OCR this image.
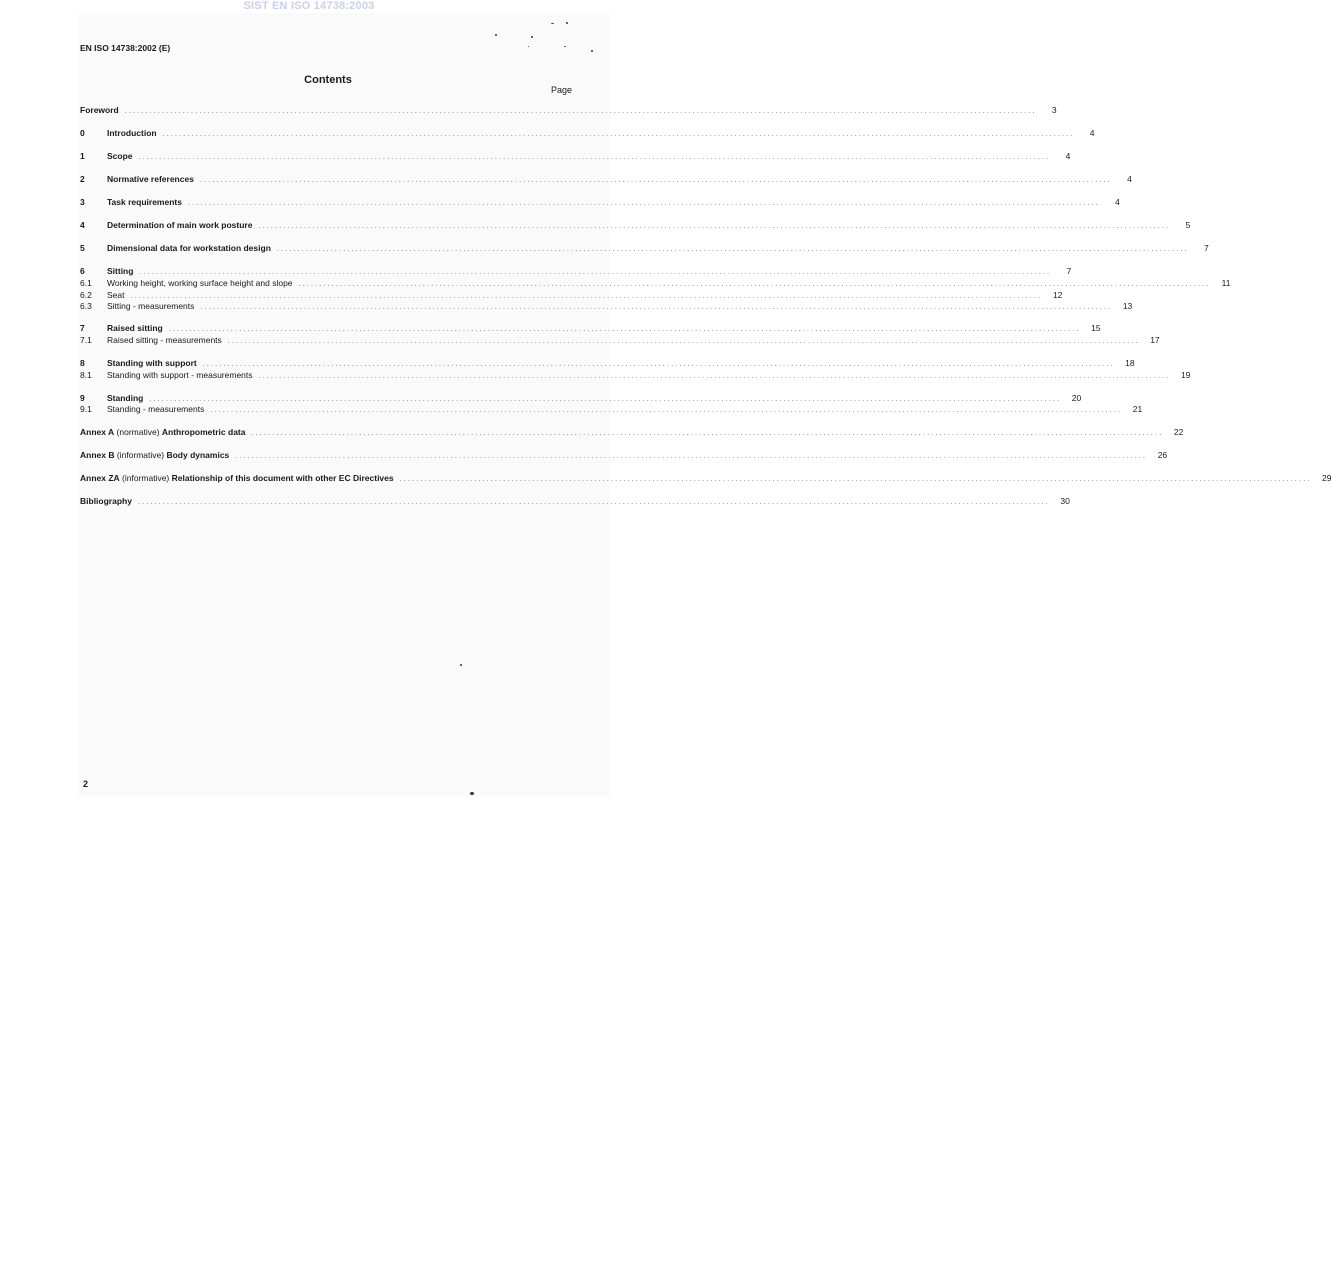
SIST EN ISO 14738:2003
EN ISO 14738:2002 (E)
Contents
Page
Foreword ............................................................................................................................................................................................................................	3
0	Introduction ............................................................................................................................................................................................................................	4
1	Scope ............................................................................................................................................................................................................................	4
2	Normative references ............................................................................................................................................................................................................................	4
3	Task requirements ............................................................................................................................................................................................................................	4
4	Determination of main work posture ............................................................................................................................................................................................................................	5
5	Dimensional data for workstation design ............................................................................................................................................................................................................................	7
6	Sitting ............................................................................................................................................................................................................................	7
6.1	Working height, working surface height and slope ............................................................................................................................................................................................................................	11
6.2	Seat ............................................................................................................................................................................................................................	12
6.3	Sitting - measurements ............................................................................................................................................................................................................................	13
7	Raised sitting ............................................................................................................................................................................................................................	15
7.1	Raised sitting - measurements ............................................................................................................................................................................................................................	17
8	Standing with support ............................................................................................................................................................................................................................	18
8.1	Standing with support - measurements ............................................................................................................................................................................................................................	19
9	Standing ............................................................................................................................................................................................................................	20
9.1	Standing - measurements ............................................................................................................................................................................................................................	21
Annex A (normative) Anthropometric data ............................................................................................................................................................................................................................	22
Annex B (informative) Body dynamics ............................................................................................................................................................................................................................	26
Annex ZA (informative) Relationship of this document with other EC Directives ............................................................................................................................................................................................................................	29
Bibliography ............................................................................................................................................................................................................................	30
2
